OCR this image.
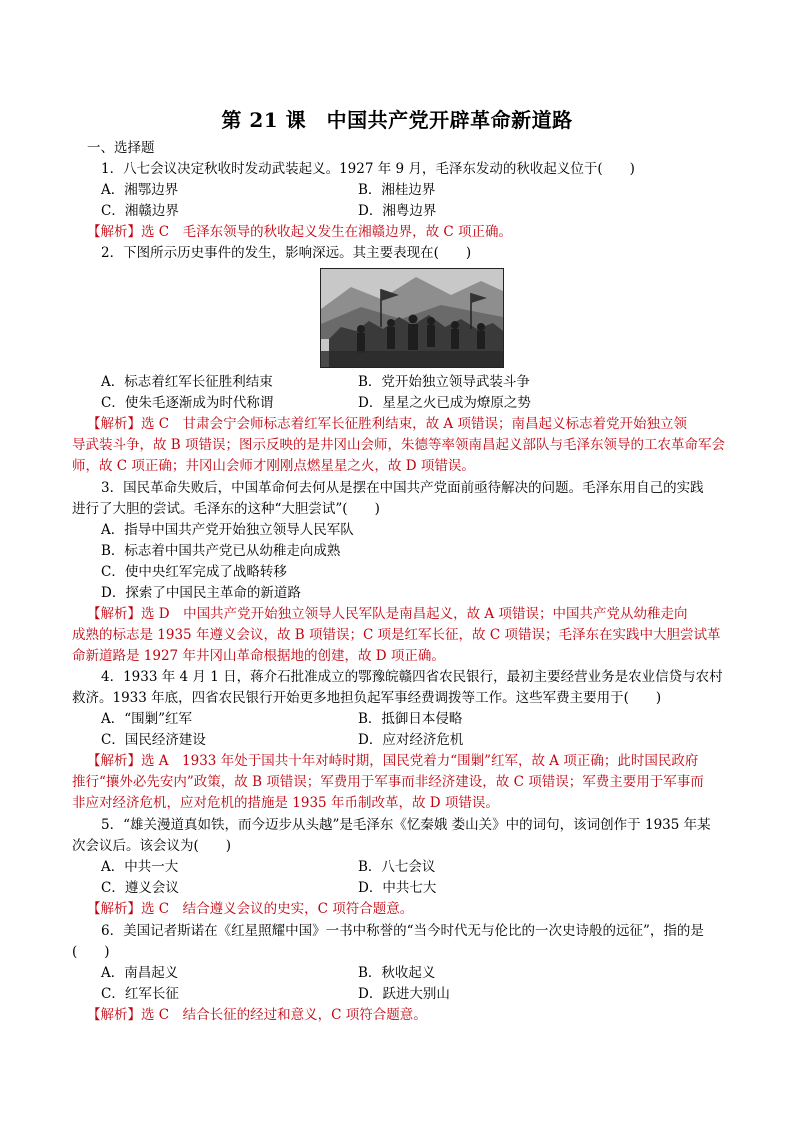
第 21 课　中国共产党开辟革命新道路
一、选择题
1．八七会议决定秋收时发动武装起义。1927 年 9 月，毛泽东发动的秋收起义位于(　　)
A．湘鄂边界	B．湘桂边界
C．湘赣边界	D．湘粤边界
【解析】选 C　毛泽东领导的秋收起义发生在湘赣边界，故 C 项正确。
2．下图所示历史事件的发生，影响深远。其主要表现在(　　)
A．标志着红军长征胜利结束	B．党开始独立领导武装斗争
C．使朱毛逐渐成为时代称谓	D．星星之火已成为燎原之势
【解析】选 C　甘肃会宁会师标志着红军长征胜利结束，故 A 项错误；南昌起义标志着党开始独立领
导武装斗争，故 B 项错误；图示反映的是井冈山会师，朱德等率领南昌起义部队与毛泽东领导的工农革命军会
师，故 C 项正确；井冈山会师才刚刚点燃星星之火，故 D 项错误。
3．国民革命失败后，中国革命何去何从是摆在中国共产党面前亟待解决的问题。毛泽东用自己的实践
进行了大胆的尝试。毛泽东的这种“大胆尝试”(　　)
A．指导中国共产党开始独立领导人民军队
B．标志着中国共产党已从幼稚走向成熟
C．使中央红军完成了战略转移
D．探索了中国民主革命的新道路
【解析】选 D　中国共产党开始独立领导人民军队是南昌起义，故 A 项错误；中国共产党从幼稚走向
成熟的标志是 1935 年遵义会议，故 B 项错误；C 项是红军长征，故 C 项错误；毛泽东在实践中大胆尝试革
命新道路是 1927 年井冈山革命根据地的创建，故 D 项正确。
4．1933 年 4 月 1 日，蒋介石批准成立的鄂豫皖赣四省农民银行，最初主要经营业务是农业信贷与农村
救济。1933 年底，四省农民银行开始更多地担负起军事经费调拨等工作。这些军费主要用于(　　)
A．“围剿”红军	B．抵御日本侵略
C．国民经济建设	D．应对经济危机
【解析】选 A　1933 年处于国共十年对峙时期，国民党着力“围剿”红军，故 A 项正确；此时国民政府
推行“攘外必先安内”政策，故 B 项错误；军费用于军事而非经济建设，故 C 项错误；军费主要用于军事而
非应对经济危机，应对危机的措施是 1935 年币制改革，故 D 项错误。
5．“雄关漫道真如铁，而今迈步从头越”是毛泽东《忆秦娥 娄山关》中的词句，该词创作于 1935 年某
次会议后。该会议为(　　)
A．中共一大	B．八七会议
C．遵义会议	D．中共七大
【解析】选 C　结合遵义会议的史实，C 项符合题意。
6．美国记者斯诺在《红星照耀中国》一书中称誉的“当今时代无与伦比的一次史诗般的远征”，指的是
(　　)
A．南昌起义	B．秋收起义
C．红军长征	D．跃进大别山
【解析】选 C　结合长征的经过和意义，C 项符合题意。
